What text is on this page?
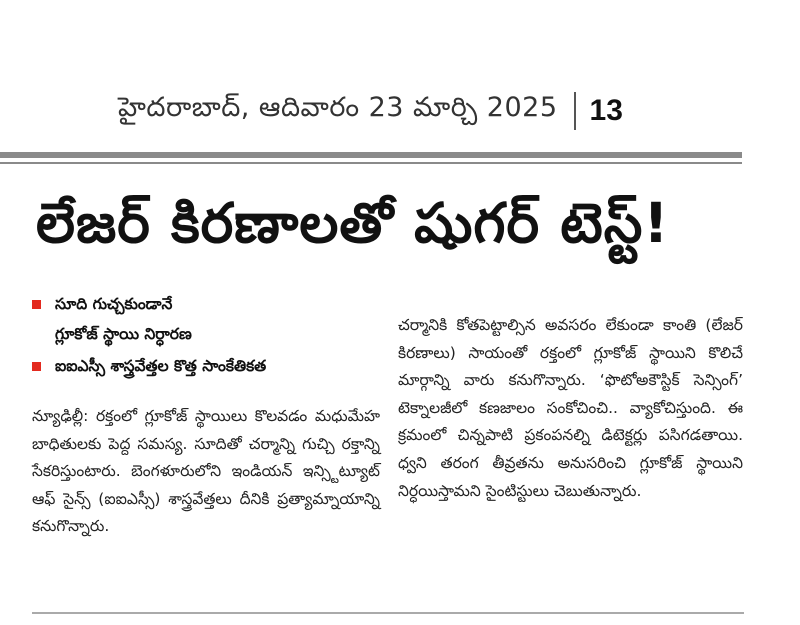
హైదరాబాద్, ఆదివారం 23 మార్చి 2025 13
లేజర్ కిరణాలతో షుగర్ టెస్ట్!
సూది గుచ్చకుండానే
గ్లూకోజ్ స్థాయి నిర్ధారణ
ఐఐఎస్సీ శాస్త్రవేత్తల కొత్త సాంకేతికత

న్యూఢిల్లీ: రక్తంలో గ్లూకోజ్ స్థాయిలు కొలవడం మధుమేహ బాధితులకు పెద్ద సమస్య. సూదితో చర్మాన్ని గుచ్చి రక్తాన్ని సేకరిస్తుంటారు. బెంగళూరులోని ఇండియన్ ఇన్స్టిట్యూట్ ఆఫ్ సైన్స్ (ఐఐఎస్సీ) శాస్త్రవేత్తలు దీనికి ప్రత్యామ్నాయాన్ని కనుగొన్నారు.

చర్మానికి కోతపెట్టాల్సిన అవసరం లేకుండా కాంతి (లేజర్ కిరణాలు) సాయంతో రక్తంలో గ్లూకోజ్ స్థాయిని కొలిచే మార్గాన్ని వారు కనుగొన్నారు. ‘ఫొటోఅకౌస్టిక్ సెన్సింగ్’ టెక్నాలజీలో కణజాలం సంకోచించి.. వ్యాకోచిస్తుంది. ఈ క్రమంలో చిన్నపాటి ప్రకంపనల్ని డిటెక్టర్లు పసిగడతాయి. ధ్వని తరంగ తీవ్రతను అనుసరించి గ్లూకోజ్ స్థాయిని నిర్ధయిస్తామని సైంటిస్టులు చెబుతున్నారు.
